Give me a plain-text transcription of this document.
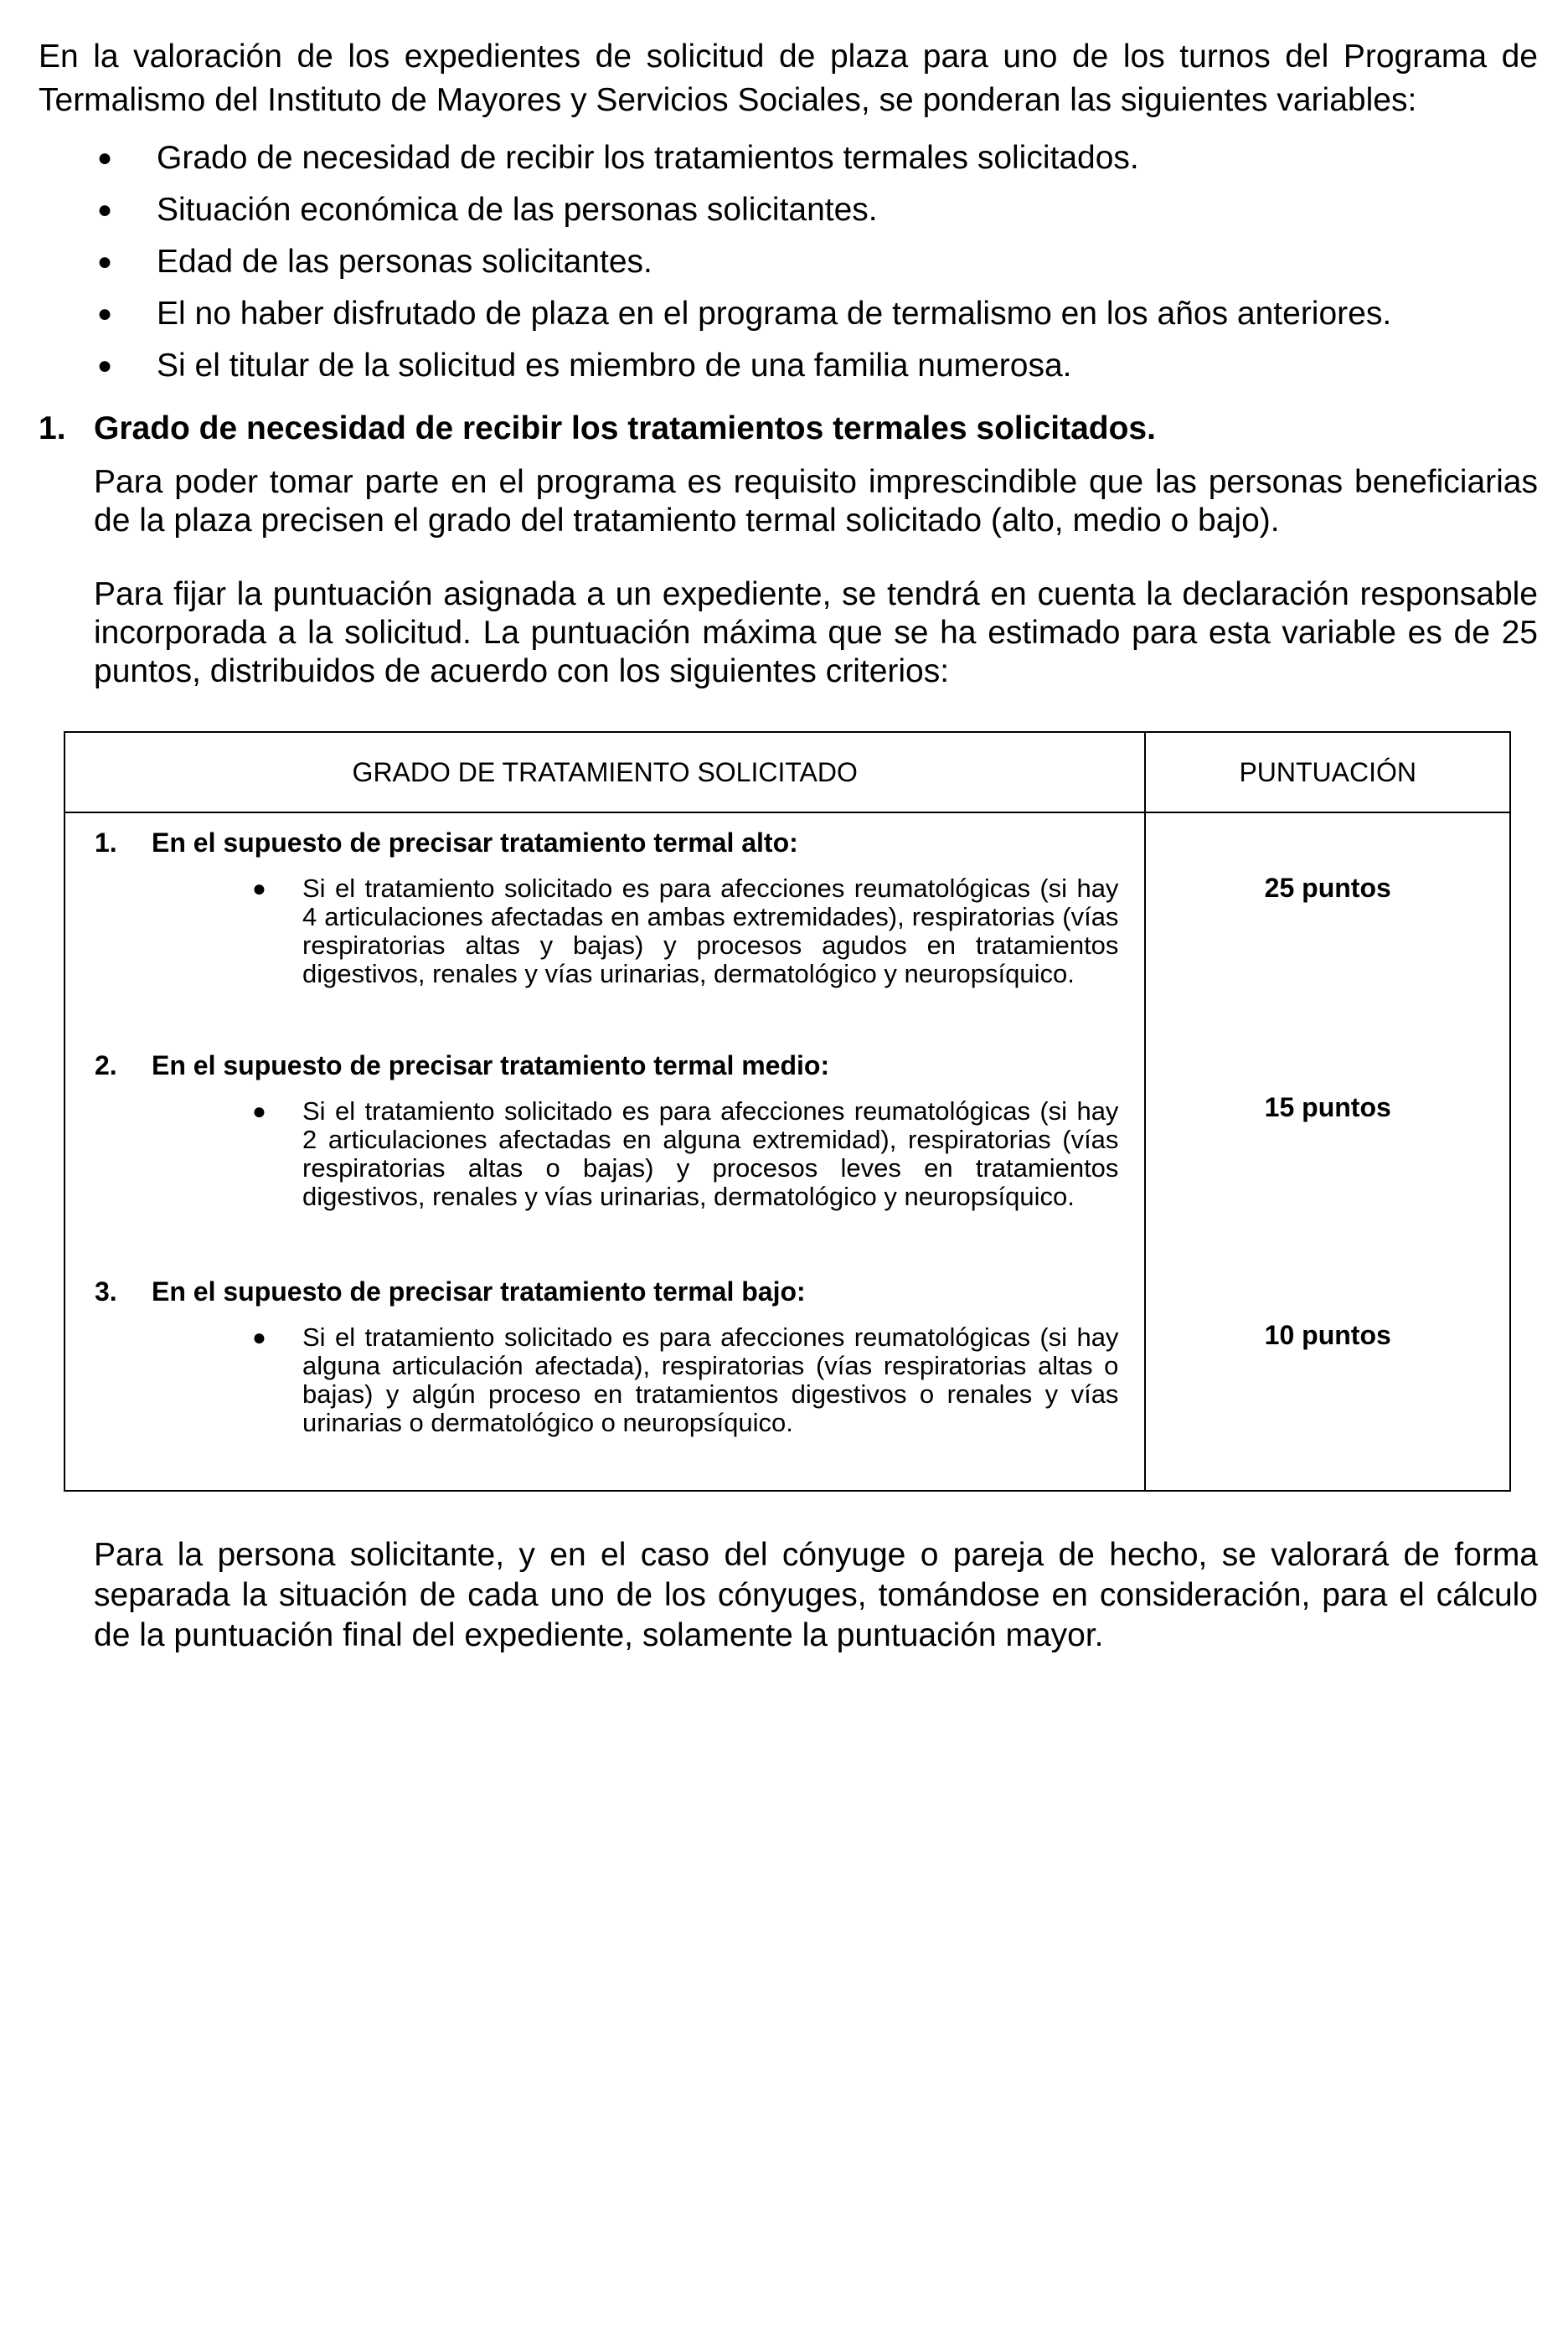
En la valoración de los expedientes de solicitud de plaza para uno de los turnos del Programa de Termalismo del Instituto de Mayores y Servicios Sociales, se ponderan las siguientes variables:

● Grado de necesidad de recibir los tratamientos termales solicitados.
● Situación económica de las personas solicitantes.
● Edad de las personas solicitantes.
● El no haber disfrutado de plaza en el programa de termalismo en los años anteriores.
● Si el titular de la solicitud es miembro de una familia numerosa.
1. Grado de necesidad de recibir los tratamientos termales solicitados.

Para poder tomar parte en el programa es requisito imprescindible que las personas beneficiarias de la plaza precisen el grado del tratamiento termal solicitado (alto, medio o bajo).

Para fijar la puntuación asignada a un expediente, se tendrá en cuenta la declaración responsable incorporada a la solicitud. La puntuación máxima que se ha estimado para esta variable es de 25 puntos, distribuidos de acuerdo con los siguientes criterios:

GRADO DE TRATAMIENTO SOLICITADO	PUNTUACIÓN

1. En el supuesto de precisar tratamiento termal alto:
● Si el tratamiento solicitado es para afecciones reumatológicas (si hay 4 articulaciones afectadas en ambas extremidades), respiratorias (vías respiratorias altas y bajas) y procesos agudos en tratamientos digestivos, renales y vías urinarias, dermatológico y neuropsíquico.	25 puntos

2. En el supuesto de precisar tratamiento termal medio:
● Si el tratamiento solicitado es para afecciones reumatológicas (si hay 2 articulaciones afectadas en alguna extremidad), respiratorias (vías respiratorias altas o bajas) y procesos leves en tratamientos digestivos, renales y vías urinarias, dermatológico y neuropsíquico.	15 puntos

3. En el supuesto de precisar tratamiento termal bajo:
● Si el tratamiento solicitado es para afecciones reumatológicas (si hay alguna articulación afectada), respiratorias (vías respiratorias altas o bajas) y algún proceso en tratamientos digestivos o renales y vías urinarias o dermatológico o neuropsíquico.	10 puntos

Para la persona solicitante, y en el caso del cónyuge o pareja de hecho, se valorará de forma separada la situación de cada uno de los cónyuges, tomándose en consideración, para el cálculo de la puntuación final del expediente, solamente la puntuación mayor.
